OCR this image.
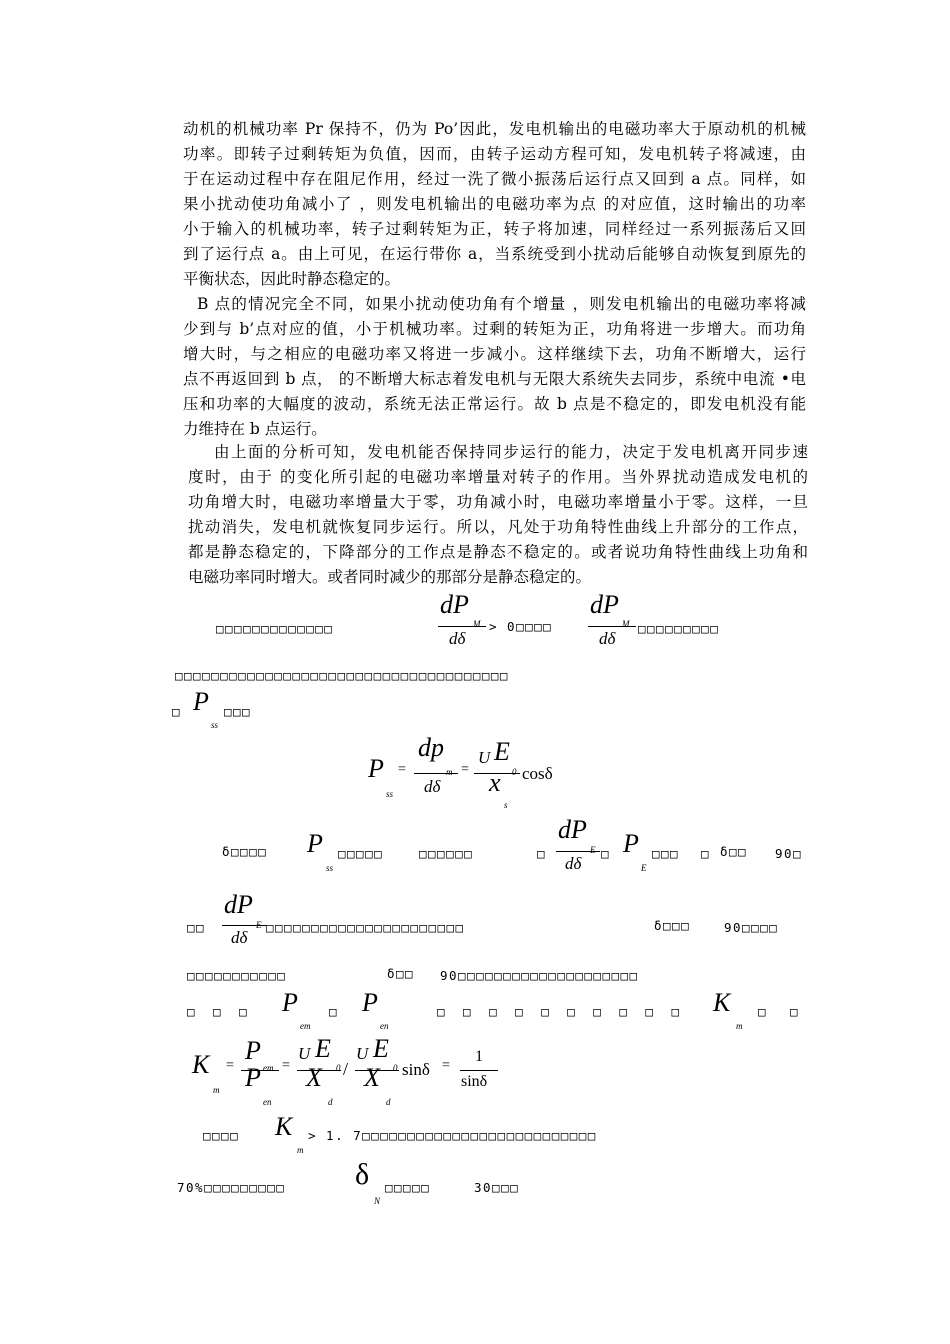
动机的机械功率 Pr 保持不，仍为 Po’因此，发电机输出的电磁功率大于原动机的机械
功率。即转子过剩转矩为负值，因而，由转子运动方程可知，发电机转子将减速，由
于在运动过程中存在阻尼作用，经过一洗了微小振荡后运行点又回到 a 点。同样，如
果小扰动使功角减小了 ，则发电机输出的电磁功率为点 的对应值，这时输出的功率
小于输入的机械功率，转子过剩转矩为正，转子将加速，同样经过一系列振荡后又回
到了运行点 a。由上可见，在运行带你 a，当系统受到小扰动后能够自动恢复到原先的
平衡状态，因此时静态稳定的。
B 点的情况完全不同，如果小扰动使功角有个增量 ，则发电机输出的电磁功率将减
少到与 b’点对应的值，小于机械功率。过剩的转矩为正，功角将进一步增大。而功角
增大时，与之相应的电磁功率又将进一步减小。这样继续下去，功角不断增大，运行
点不再返回到 b 点， 的不断增大标志着发电机与无限大系统失去同步，系统中电流 •电
压和功率的大幅度的波动，系统无法正常运行。故 b 点是不稳定的，即发电机没有能
力维持在 b 点运行。
由上面的分析可知，发电机能否保持同步运行的能力，决定于发电机离开同步速
度时，由于 的变化所引起的电磁功率增量对转子的作用。当外界扰动造成发电机的
功角增大时，电磁功率增量大于零，功角减小时，电磁功率增量小于零。这样，一旦
扰动消失，发电机就恢复同步运行。所以，凡处于功角特性曲线上升部分的工作点，
都是静态稳定的，下降部分的工作点是静态不稳定的。或者说功角特性曲线上功角和
电磁功率同时增大。或者同时减少的那部分是静态稳定的。
□□□□□□□□□□□□□
dP
M
dδ
> 0□□□□
dP
M
dδ
□□□□□□□□□
□□□□□□□□□□□□□□□□□□□□□□□□□□□□□□□□□□□□□
□ P
ss
□□□
P
ss
=
dp
m
dδ
=
U E
0
x
s
cosδ
δ□□□□ P
ss
□□□□□	□□□□□□	□
dP
E
dδ
□ P
E
□□□ □ δ□□ 90□
□□
dP
E
dδ
□□□□□□□□□□□□□□□□□□□□□□	δ□□□	90□□□□
□□□□□□□□□□□	δ□□ 90□□□□□□□□□□□□□□□□□□□□
□ □ □ P
em
□ P
en
□ □ □ □ □ □ □ □ □ □ K
m
□ □
K
m
=
P
em
P
en
=
U E
0
X
d
/
U E
0
X
d
sinδ =
1
sinδ
□□□□ K
m
> 1. 7□□□□□□□□□□□□□□□□□□□□□□□□□□
70%□□□□□□□□□ δ
N
□□□□□	30□□□
